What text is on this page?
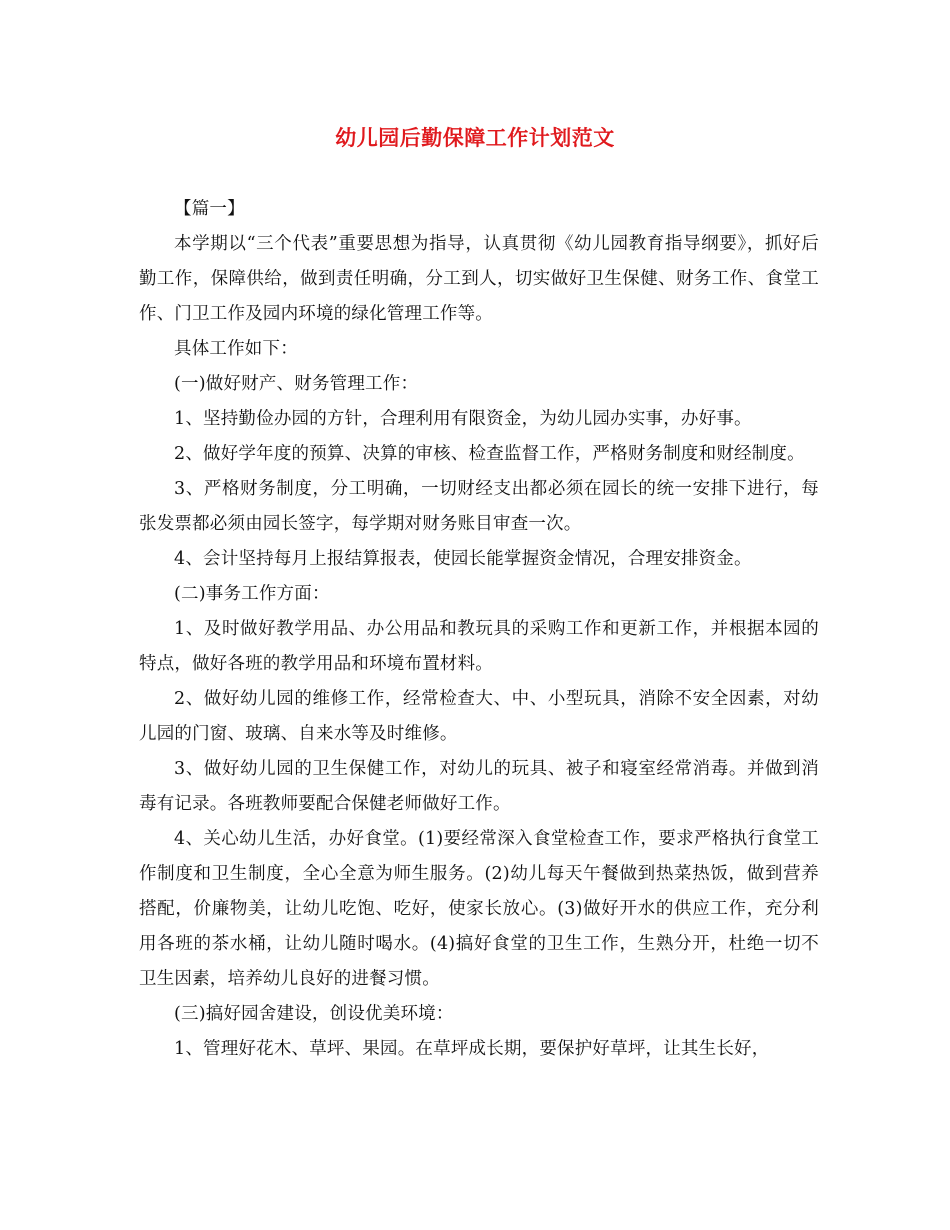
幼儿园后勤保障工作计划范文

【篇一】

本学期以“三个代表”重要思想为指导，认真贯彻《幼儿园教育指导纲要》，抓好后勤工作，保障供给，做到责任明确，分工到人，切实做好卫生保健、财务工作、食堂工作、门卫工作及园内环境的绿化管理工作等。

具体工作如下：

(一)做好财产、财务管理工作：

1、坚持勤俭办园的方针，合理利用有限资金，为幼儿园办实事，办好事。

2、做好学年度的预算、决算的审核、检查监督工作，严格财务制度和财经制度。

3、严格财务制度，分工明确，一切财经支出都必须在园长的统一安排下进行，每张发票都必须由园长签字，每学期对财务账目审查一次。

4、会计坚持每月上报结算报表，使园长能掌握资金情况，合理安排资金。

(二)事务工作方面：

1、及时做好教学用品、办公用品和教玩具的采购工作和更新工作，并根据本园的特点，做好各班的教学用品和环境布置材料。

2、做好幼儿园的维修工作，经常检查大、中、小型玩具，消除不安全因素，对幼儿园的门窗、玻璃、自来水等及时维修。

3、做好幼儿园的卫生保健工作，对幼儿的玩具、被子和寝室经常消毒。并做到消毒有记录。各班教师要配合保健老师做好工作。

4、关心幼儿生活，办好食堂。(1)要经常深入食堂检查工作，要求严格执行食堂工作制度和卫生制度，全心全意为师生服务。(2)幼儿每天午餐做到热菜热饭，做到营养搭配，价廉物美，让幼儿吃饱、吃好，使家长放心。(3)做好开水的供应工作，充分利用各班的茶水桶，让幼儿随时喝水。(4)搞好食堂的卫生工作，生熟分开，杜绝一切不卫生因素，培养幼儿良好的进餐习惯。

(三)搞好园舍建设，创设优美环境：

1、管理好花木、草坪、果园。在草坪成长期，要保护好草坪，让其生长好，
